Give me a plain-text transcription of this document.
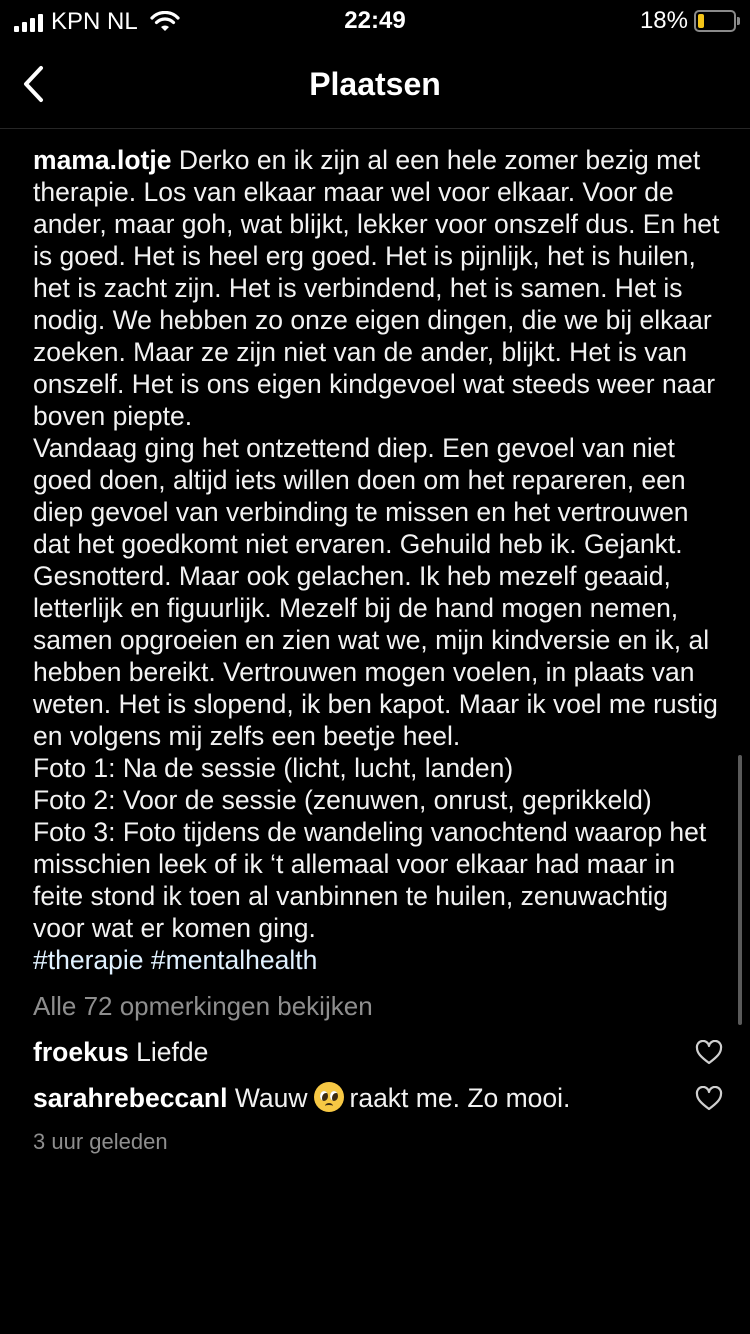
KPN NL	22:49	18%
Plaatsen

mama.lotje Derko en ik zijn al een hele zomer bezig met therapie. Los van elkaar maar wel voor elkaar. Voor de ander, maar goh, wat blijkt, lekker voor onszelf dus. En het is goed. Het is heel erg goed. Het is pijnlijk, het is huilen, het is zacht zijn. Het is verbindend, het is samen. Het is nodig. We hebben zo onze eigen dingen, die we bij elkaar zoeken. Maar ze zijn niet van de ander, blijkt. Het is van onszelf. Het is ons eigen kindgevoel wat steeds weer naar boven piepte.

Vandaag ging het ontzettend diep. Een gevoel van niet goed doen, altijd iets willen doen om het repareren, een diep gevoel van verbinding te missen en het vertrouwen dat het goedkomt niet ervaren. Gehuild heb ik. Gejankt. Gesnotterd. Maar ook gelachen. Ik heb mezelf geaaid, letterlijk en figuurlijk. Mezelf bij de hand mogen nemen, samen opgroeien en zien wat we, mijn kindversie en ik, al hebben bereikt. Vertrouwen mogen voelen, in plaats van weten. Het is slopend, ik ben kapot. Maar ik voel me rustig en volgens mij zelfs een beetje heel.

Foto 1: Na de sessie (licht, lucht, landen)

Foto 2: Voor de sessie (zenuwen, onrust, geprikkeld)

Foto 3: Foto tijdens de wandeling vanochtend waarop het misschien leek of ik ‘t allemaal voor elkaar had maar in feite stond ik toen al vanbinnen te huilen, zenuwachtig voor wat er komen ging.

#therapie #mentalhealth

Alle 72 opmerkingen bekijken
froekus Liefde
sarahrebeccanl Wauw raakt me. Zo mooi.
3 uur geleden
